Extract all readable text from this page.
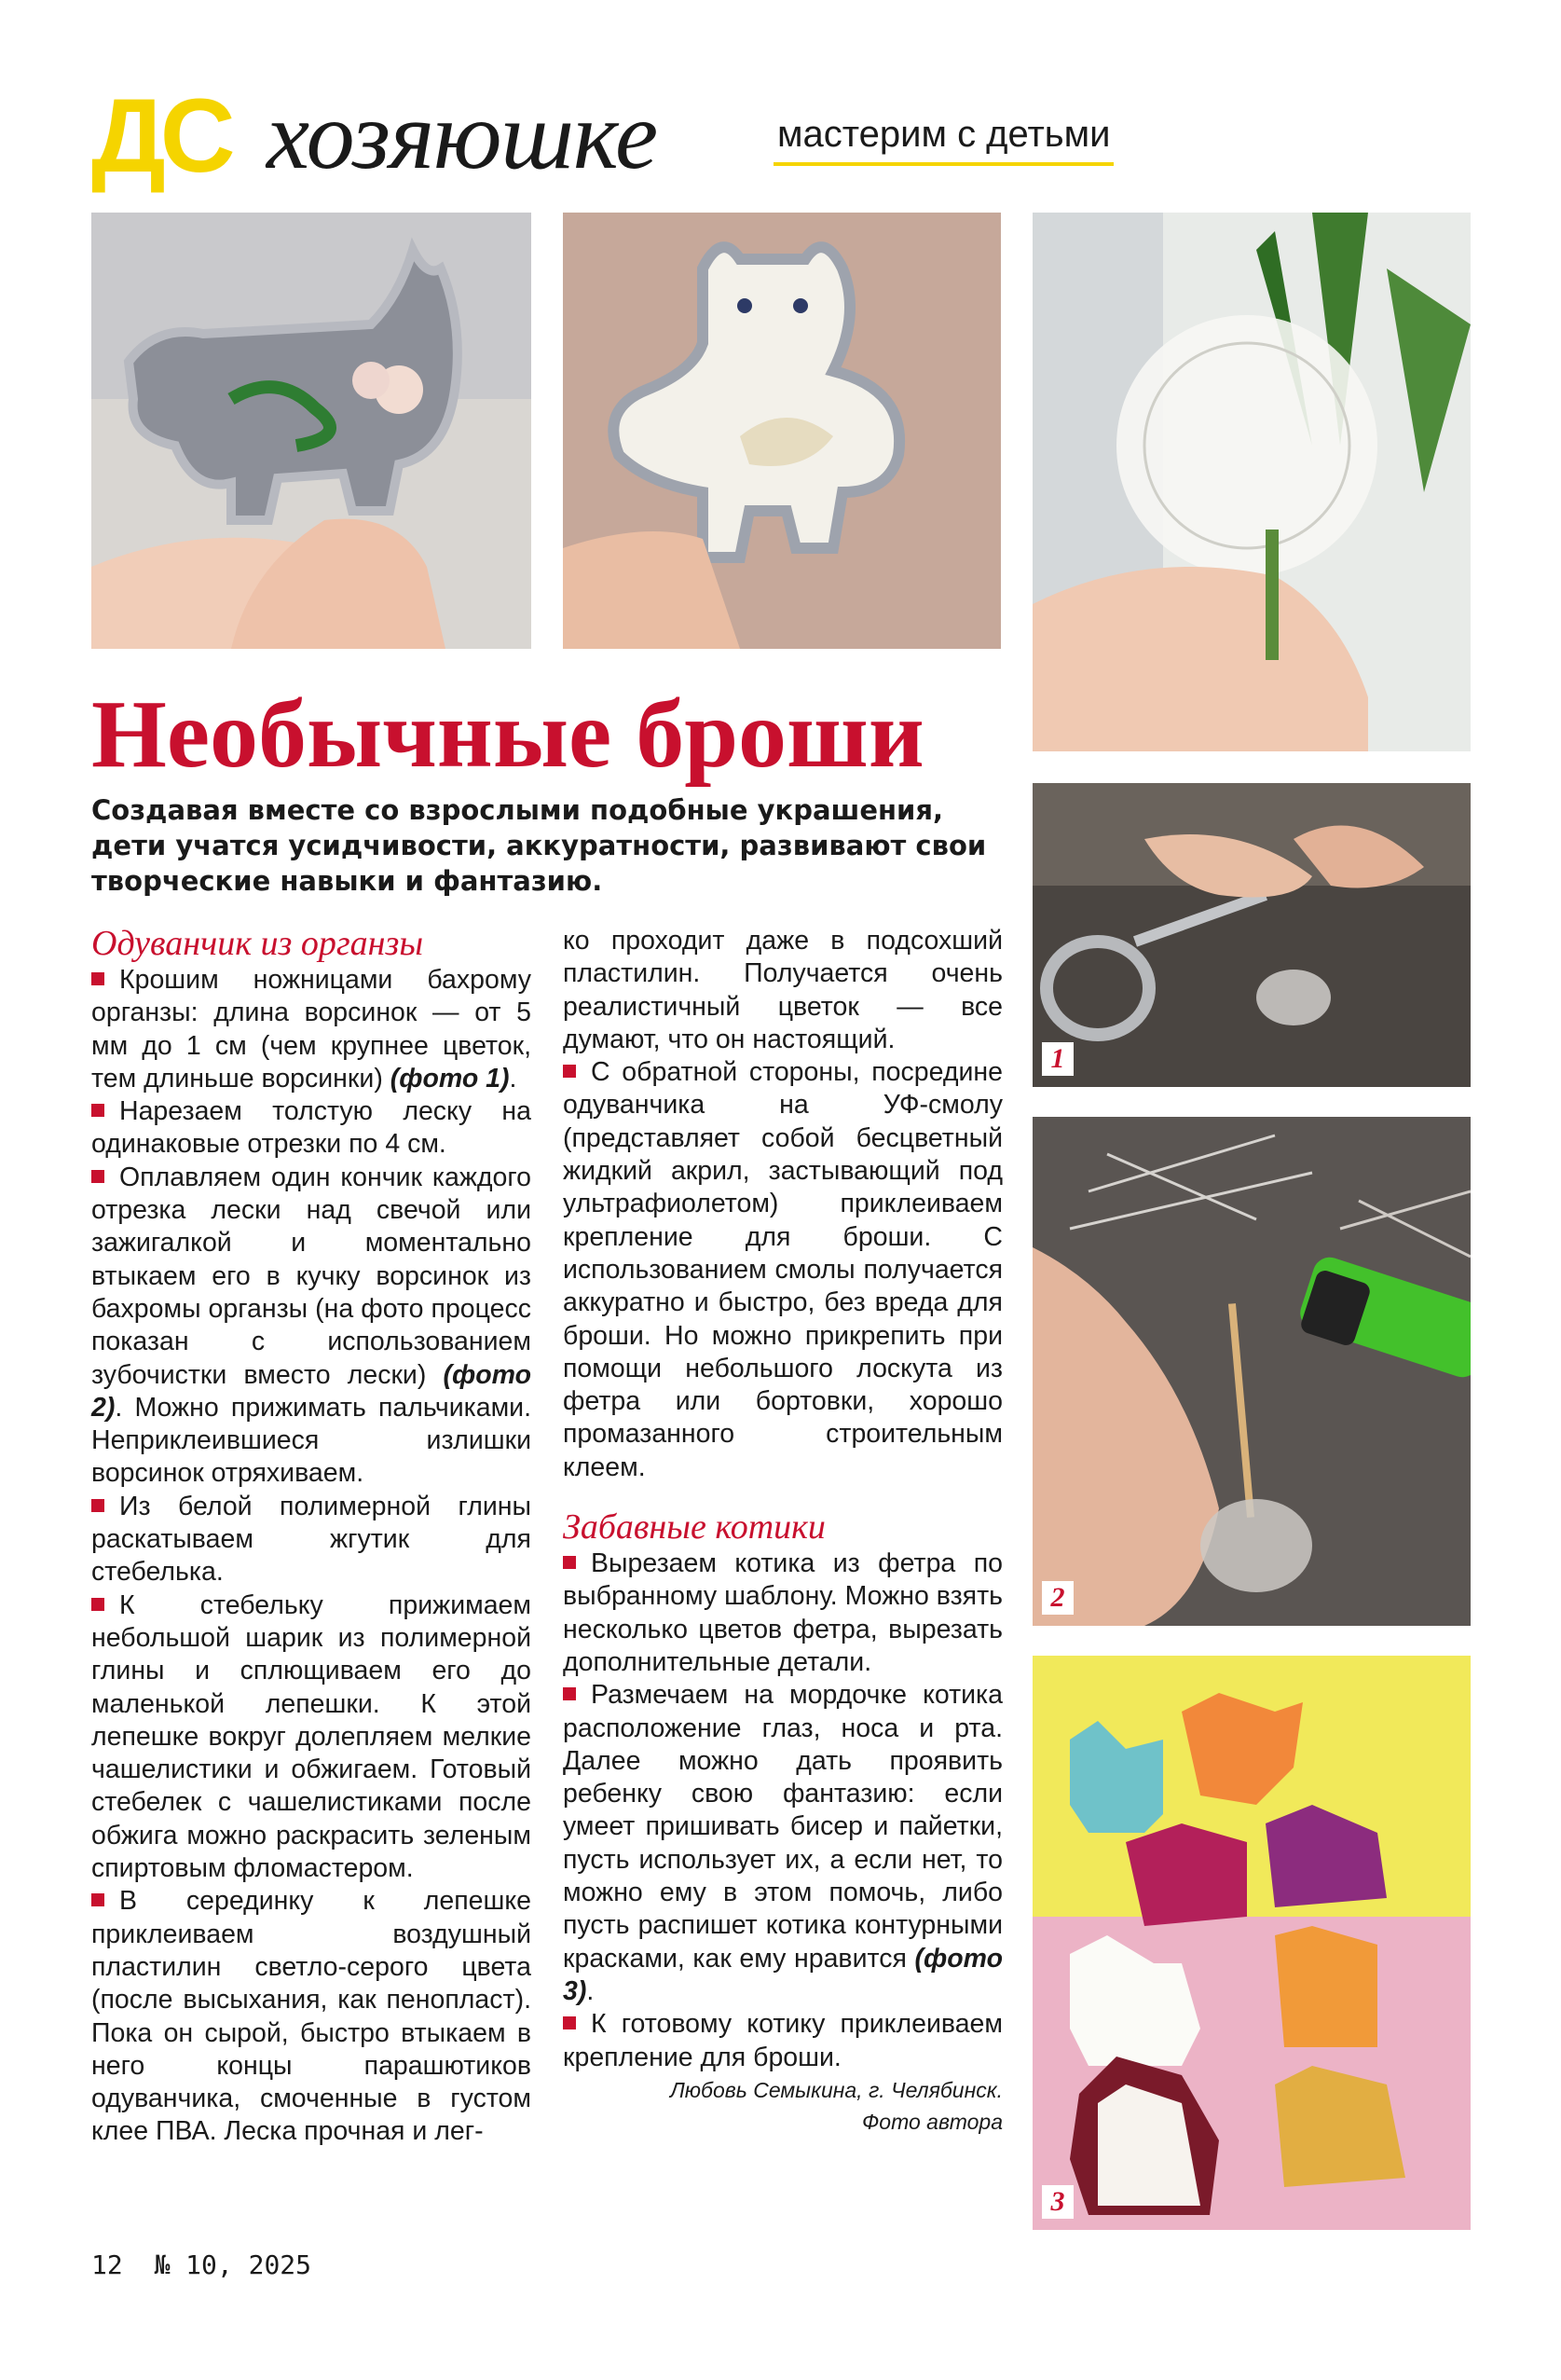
ДС хозяюшке	мастерим с детьми
1
2
3
Необычные броши
Создавая вместе со взрослыми подобные украшения, дети учатся усидчивости, аккуратности, развивают свои творческие навыки и фантазию.
Одуванчик из органзы

Крошим ножницами бахрому органзы: длина ворсинок — от 5 мм до 1 см (чем крупнее цветок, тем длиньше ворсинки) (фото 1).

Нарезаем толстую леску на одинаковые отрезки по 4 см.

Оплавляем один кончик каждого отрезка лески над свечой или зажигалкой и моментально втыкаем его в кучку ворсинок из бахромы органзы (на фото процесс показан с использованием зубочистки вместо лески) (фото 2). Можно прижимать пальчиками. Неприклеившиеся излишки ворсинок отряхиваем.

Из белой полимерной глины раскатываем жгутик для стебелька.

К стебельку прижимаем небольшой шарик из полимерной глины и сплющиваем его до маленькой лепешки. К этой лепешке вокруг долепляем мелкие чашелистики и обжигаем. Готовый стебелек с чашелистиками после обжига можно раскрасить зеленым спиртовым фломастером.

В серединку к лепешке приклеиваем воздушный пластилин светло-серого цвета (после высыхания, как пенопласт). Пока он сырой, быстро втыкаем в него концы парашютиков одуванчика, смоченные в густом клее ПВА. Леска прочная и лег-

ко проходит даже в подсохший пластилин. Получается очень реалистичный цветок — все думают, что он настоящий.

С обратной стороны, посредине одуванчика на УФ-смолу (представляет собой бесцветный жидкий акрил, застывающий под ультрафиолетом) приклеиваем крепление для броши. С использованием смолы получается аккуратно и быстро, без вреда для броши. Но можно прикрепить при помощи небольшого лоскута из фетра или бортовки, хорошо промазанного строительным клеем.

Забавные котики

Вырезаем котика из фетра по выбранному шаблону. Можно взять несколько цветов фетра, вырезать дополнительные детали.

Размечаем на мордочке котика расположение глаз, носа и рта. Далее можно дать проявить ребенку свою фантазию: если умеет пришивать бисер и пайетки, пусть использует их, а если нет, то можно ему в этом помочь, либо пусть распишет котика контурными красками, как ему нравится (фото 3).

К готовому котику приклеиваем крепление для броши.

Любовь Семыкина, г. Челябинск.
Фото автора
12 № 10, 2025
